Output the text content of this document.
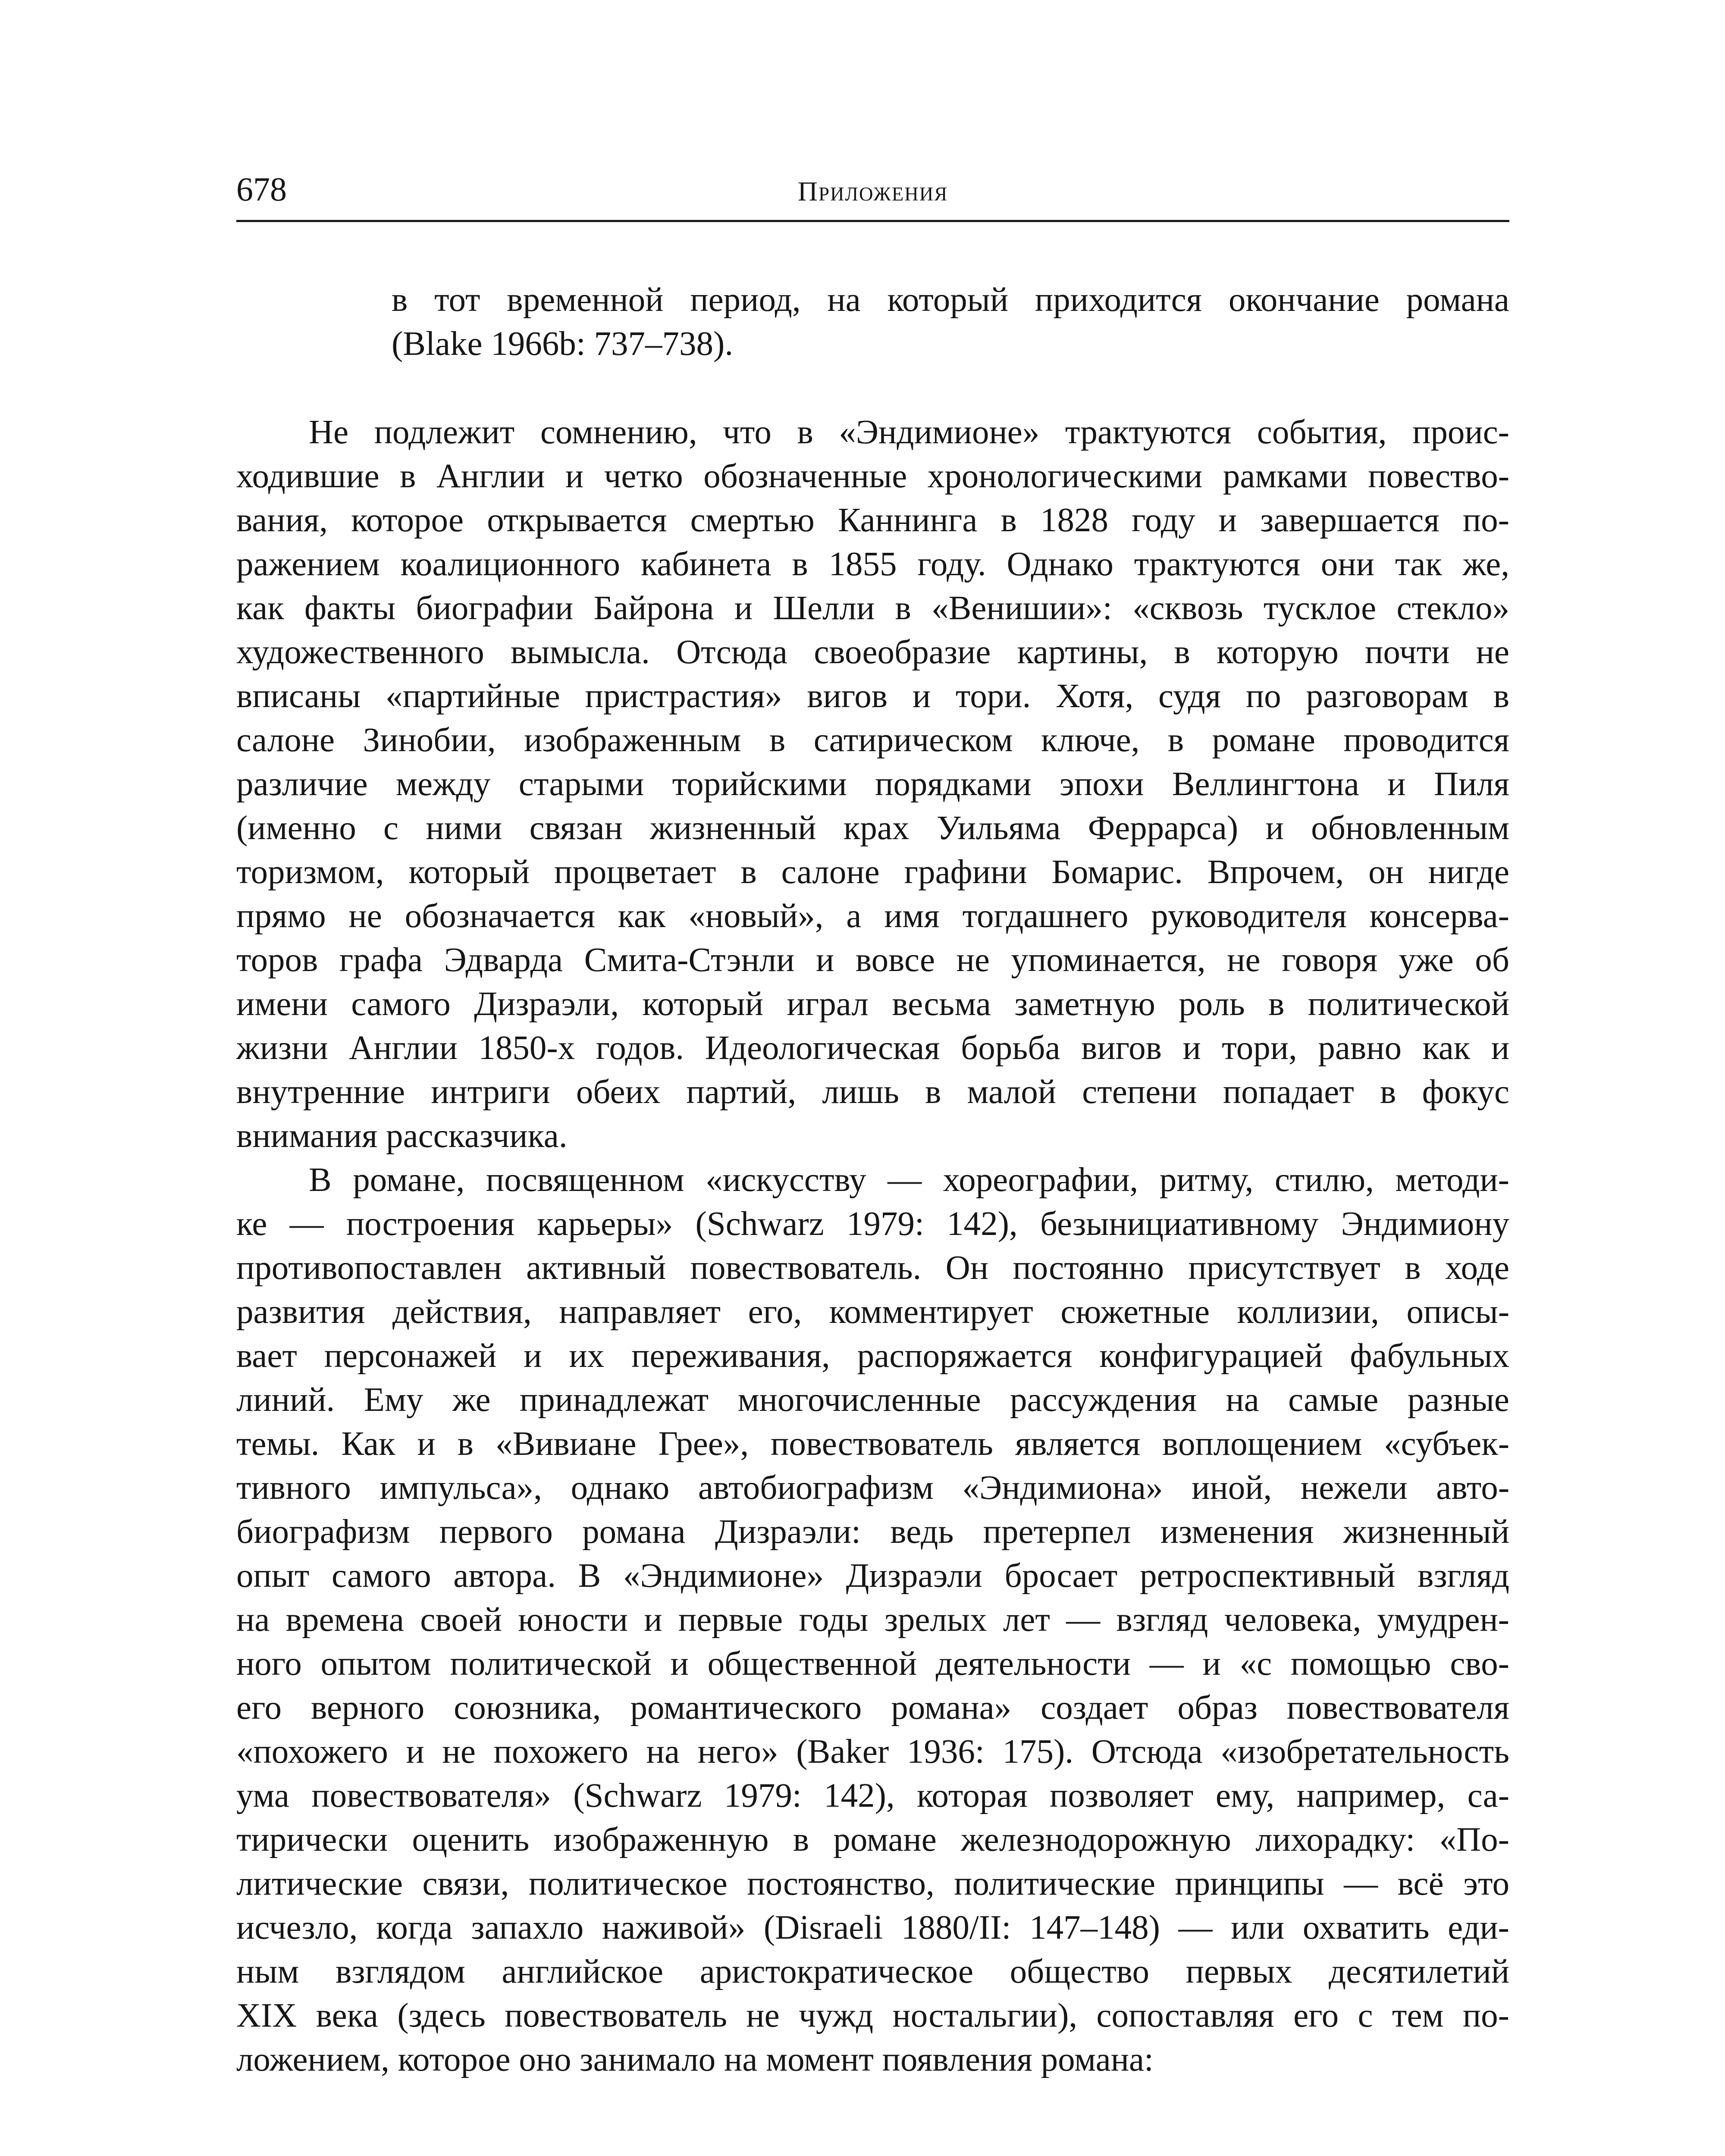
678	Приложения
в тот временной период, на который приходится окончание романа
(Blake 1966b: 737–738).
Не подлежит сомнению, что в «Эндимионе» трактуются события, проис-
ходившие в Англии и четко обозначенные хронологическими рамками повество-
вания, которое открывается смертью Каннинга в 1828 году и завершается по-
ражением коалиционного кабинета в 1855 году. Однако трактуются они так же,
как факты биографии Байрона и Шелли в «Венишии»: «сквозь тусклое стекло»
художественного вымысла. Отсюда своеобразие картины, в которую почти не
вписаны «партийные пристрастия» вигов и тори. Хотя, судя по разговорам в
салоне Зинобии, изображенным в сатирическом ключе, в романе проводится
различие между старыми торийскими порядками эпохи Веллингтона и Пиля
(именно с ними связан жизненный крах Уильяма Феррарса) и обновленным
торизмом, который процветает в салоне графини Бомарис. Впрочем, он нигде
прямо не обозначается как «новый», а имя тогдашнего руководителя консерва-
торов графа Эдварда Смита-Стэнли и вовсе не упоминается, не говоря уже об
имени самого Дизраэли, который играл весьма заметную роль в политической
жизни Англии 1850-х годов. Идеологическая борьба вигов и тори, равно как и
внутренние интриги обеих партий, лишь в малой степени попадает в фокус
внимания рассказчика.
В романе, посвященном «искусству — хореографии, ритму, стилю, методи-
ке — построения карьеры» (Schwarz 1979: 142), безынициативному Эндимиону
противопоставлен активный повествователь. Он постоянно присутствует в ходе
развития действия, направляет его, комментирует сюжетные коллизии, описы-
вает персонажей и их переживания, распоряжается конфигурацией фабульных
линий. Ему же принадлежат многочисленные рассуждения на самые разные
темы. Как и в «Вивиане Грее», повествователь является воплощением «субъек-
тивного импульса», однако автобиографизм «Эндимиона» иной, нежели авто-
биографизм первого романа Дизраэли: ведь претерпел изменения жизненный
опыт самого автора. В «Эндимионе» Дизраэли бросает ретроспективный взгляд
на времена своей юности и первые годы зрелых лет — взгляд человека, умудрен-
ного опытом политической и общественной деятельности — и «с помощью сво-
его верного союзника, романтического романа» создает образ повествователя
«похожего и не похожего на него» (Baker 1936: 175). Отсюда «изобретательность
ума повествователя» (Schwarz 1979: 142), которая позволяет ему, например, са-
тирически оценить изображенную в романе железнодорожную лихорадку: «По-
литические связи, политическое постоянство, политические принципы — всё это
исчезло, когда запахло наживой» (Disraeli 1880/II: 147–148) — или охватить еди-
ным взглядом английское аристократическое общество первых десятилетий
XIX века (здесь повествователь не чужд ностальгии), сопоставляя его с тем по-
ложением, которое оно занимало на момент появления романа:
